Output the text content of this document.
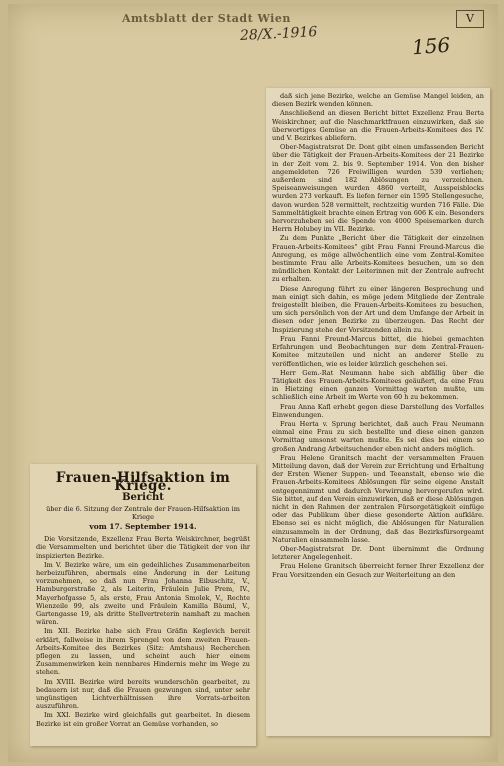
Amtsblatt der Stadt Wien
28/X.-1916	156
V

daß sich jene Bezirke, welche an Gemüse Mangel leiden, an diesen Bezirk wenden können.

Anschließend an diesen Bericht bittet Exzellenz Frau Berta Weiskirchner, auf die Naschmarktfrauen einzuwirken, daß sie überwortiges Gemüse an die Frauen-Arbeits-Komitees des IV. und V. Bezirkes abliefern.

Ober-Magistratsrat Dr. Dont gibt einen umfassenden Bericht über die Tätigkeit der Frauen-Arbeits-Komitees der 21 Bezirke in der Zeit vom 2. bis 9. September 1914. Von den bisher angemeldeten 726 Freiwilligen wurden 539 verliehen; außerdem sind 182 Ablösungen zu verzeichnen. Speiseanweisungen wurden 4860 verteilt, Ausspeisblocks wurden 273 verkauft. Es liefen ferner ein 1595 Stellengesuche, davon wurden 528 vermittelt, rechtzeitig wurden 716 Fälle. Die Sammeltätigkeit brachte einen Ertrag von 606 K ein. Besonders hervorzuheben sei die Spende von 4000 Speisemarken durch Herrn Holubey im VII. Bezirke.

Zu dem Punkte „Bericht über die Tätigkeit der einzelnen Frauen-Arbeits-Komitees" gibt Frau Fanni Freund-Marcus die Anregung, es möge allwöchentlich eine vom Zentral-Komitee bestimmte Frau alle Arbeits-Komitees besuchen, um so den mündlichen Kontakt der Leiterinnen mit der Zentrale aufrecht zu erhalten.

Diese Anregung führt zu einer längeren Besprechung und man einigt sich dahin, es möge jedem Mitgliede der Zentrale freigestellt bleiben, die Frauen-Arbeits-Komitees zu besuchen, um sich persönlich von der Art und dem Umfange der Arbeit in diesen oder jenen Bezirke zu überzeugen. Das Recht der Inspizierung stehe der Vorsitzenden allein zu.

Frau Fanni Freund-Marcus bittet, die hiebei gemachten Erfahrungen und Beobachtungen nur dem Zentral-Frauen-Komitee mitzuteilen und nicht an anderer Stelle zu veröffentlichen, wie es leider kürzlich geschehen sei.

Herr Gem.-Rat Neumann habe sich abfällig über die Tätigkeit des Frauen-Arbeits-Komitees geäußert, da eine Frau in Hietzing einen ganzen Vormittag warten mußte, um schließlich eine Arbeit im Werte von 60 h zu bekommen.

Frau Anna Kafl erhebt gegen diese Darstellung des Vorfalles Einwendungen.

Frau Herta v. Sprung berichtet, daß auch Frau Neumann einmal eine Frau zu sich bestellte und diese einen ganzen Vormittag umsonst warten mußte. Es sei dies bei einem so großen Andrang Arbeitsuchender eben nicht anders möglich.

Frau Helene Granitsch macht der versammelten Frauen Mitteilung davon, daß der Verein zur Errichtung und Erhaltung der Ersten Wiener Suppen- und Teeanstalt, ebenso wie die Frauen-Arbeits-Komitees Ablösungen für seine eigene Anstalt entgegennimmt und dadurch Verwirrung hervorgerufen wird. Sie bittet, auf den Verein einzuwirken, daß er diese Ablösungen nicht in den Rahmen der zentralen Fürsorgetätigkeit einfüge oder das Publikum über diese gesonderte Aktion aufkläre. Ebenso sei es nicht möglich, die Ablösungen für Naturalien einzusammeln in der Ordnung, daß das Bezirksfürsorgeamt Naturalien einsammeln lasse.

Ober-Magistratsrat Dr. Dont übernimmt die Ordnung letzterer Angelegenheit.

Frau Helene Granitsch überreicht ferner Ihrer Exzellenz der Frau Vorsitzenden ein Gesuch zur Weiterleitung an den

Frauen-Hilfsaktion im Kriege.
Bericht
über die 6. Sitzung der Zentrale der Frauen-Hilfsaktion im Kriege
vom 17. September 1914.

Die Vorsitzende, Exzellenz Frau Berta Weiskirchner, begrüßt die Versammelten und berichtet über die Tätigkeit der von ihr inspizierten Bezirke.

Im V. Bezirke wäre, um ein gedeihliches Zusammenarbeiten herbeizuführen, abermals eine Änderung in der Leitung vorzunehmen, so daß nun Frau Johanna Eibuschitz, V., Hamburgerstraße 2, als Leiterin, Fräulein Julie Prem, IV., Mayerhofgasse 5, als erste, Frau Antonia Smolek, V., Rechte Wienzeile 99, als zweite und Fräulein Kamilla Bäuml, V., Gartengasse 19, als dritte Stellvertreterin namhaft zu machen wären.

Im XII. Bezirke habe sich Frau Gräfin Keglevich bereit erklärt, fallweise in ihrem Sprengel von dem zweiten Frauen-Arbeits-Komitee des Bezirkes (Sitz: Amtshaus) Recherchen pflegen zu lassen, und scheint auch hier einem Zusammenwirken kein nennbares Hindernis mehr im Wege zu stehen.

Im XVIII. Bezirke wird bereits wunderschön gearbeitet, zu bedauern ist nur, daß die Frauen gezwungen sind, unter sehr ungünstigen Lichtverhältnissen ihre Vorrats-arbeiten auszuführen.

Im XXI. Bezirke wird gleichfalls gut gearbeitet. In diesem Bezirke ist ein großer Vorrat an Gemüse vorhanden, so
